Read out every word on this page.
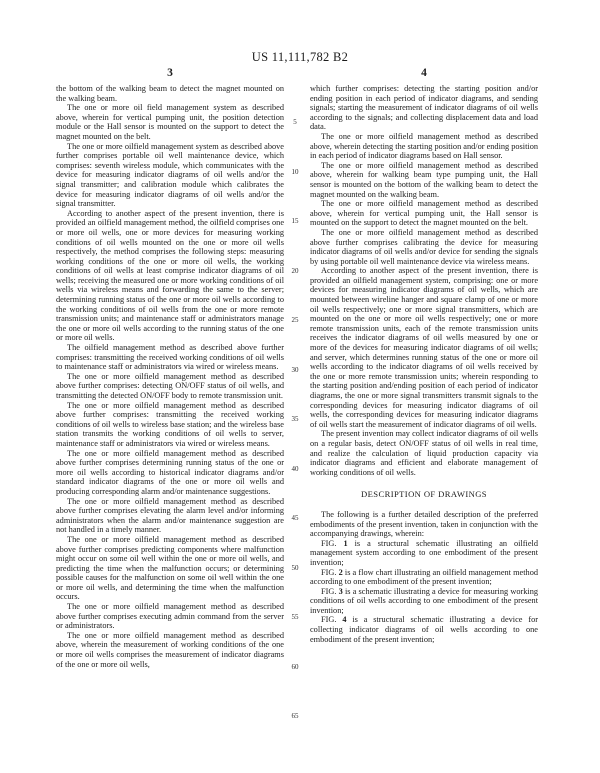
US 11,111,782 B2
3	4
5
10
15
20
25
30
35
40
45
50
55
60
65

the bottom of the walking beam to detect the magnet mounted on the walking beam.

The one or more oil field management system as described above, wherein for vertical pumping unit, the position detection module or the Hall sensor is mounted on the support to detect the magnet mounted on the belt.

The one or more oilfield management system as described above further comprises portable oil well maintenance device, which comprises: seventh wireless module, which communicates with the device for measuring indicator diagrams of oil wells and/or the signal transmitter; and calibration module which calibrates the device for measuring indicator diagrams of oil wells and/or the signal transmitter.

According to another aspect of the present invention, there is provided an oilfield management method, the oilfield comprises one or more oil wells, one or more devices for measuring working conditions of oil wells mounted on the one or more oil wells respectively, the method comprises the following steps: measuring working conditions of the one or more oil wells, the working conditions of oil wells at least comprise indicator diagrams of oil wells; receiving the measured one or more working conditions of oil wells via wireless means and forwarding the same to the server; determining running status of the one or more oil wells according to the working conditions of oil wells from the one or more remote transmission units; and maintenance staff or administrators manage the one or more oil wells according to the running status of the one or more oil wells.

The oilfield management method as described above further comprises: transmitting the received working conditions of oil wells to maintenance staff or administrators via wired or wireless means.

The one or more oilfield management method as described above further comprises: detecting ON/OFF status of oil wells, and transmitting the detected ON/OFF body to remote transmission unit.

The one or more oilfield management method as described above further comprises: transmitting the received working conditions of oil wells to wireless base station; and the wireless base station transmits the working conditions of oil wells to server, maintenance staff or administrators via wired or wireless means.

The one or more oilfield management method as described above further comprises determining running status of the one or more oil wells according to historical indicator diagrams and/or standard indicator diagrams of the one or more oil wells and producing corresponding alarm and/or maintenance suggestions.

The one or more oilfield management method as described above further comprises elevating the alarm level and/or informing administrators when the alarm and/or maintenance suggestion are not handled in a timely manner.

The one or more oilfield management method as described above further comprises predicting components where malfunction might occur on some oil well within the one or more oil wells, and predicting the time when the malfunction occurs; or determining possible causes for the malfunction on some oil well within the one or more oil wells, and determining the time when the malfunction occurs.

The one or more oilfield management method as described above further comprises executing admin command from the server or administrators.

The one or more oilfield management method as described above, wherein the measurement of working conditions of the one or more oil wells comprises the measurement of indicator diagrams of the one or more oil wells,

which further comprises: detecting the starting position and/or ending position in each period of indicator diagrams, and sending signals; starting the measurement of indicator diagrams of oil wells according to the signals; and collecting displacement data and load data.

The one or more oilfield management method as described above, wherein detecting the starting position and/or ending position in each period of indicator diagrams based on Hall sensor.

The one or more oilfield management method as described above, wherein for walking beam type pumping unit, the Hall sensor is mounted on the bottom of the walking beam to detect the magnet mounted on the walking beam.

The one or more oilfield management method as described above, wherein for vertical pumping unit, the Hall sensor is mounted on the support to detect the magnet mounted on the belt.

The one or more oilfield management method as described above further comprises calibrating the device for measuring indicator diagrams of oil wells and/or device for sending the signals by using portable oil well maintenance device via wireless means.

According to another aspect of the present invention, there is provided an oilfield management system, comprising: one or more devices for measuring indicator diagrams of oil wells, which are mounted between wireline hanger and square clamp of one or more oil wells respectively; one or more signal transmitters, which are mounted on the one or more oil wells respectively; one or more remote transmission units, each of the remote transmission units receives the indicator diagrams of oil wells measured by one or more of the devices for measuring indicator diagrams of oil wells; and server, which determines running status of the one or more oil wells according to the indicator diagrams of oil wells received by the one or more remote transmission units; wherein responding to the starting position and/ending position of each period of indicator diagrams, the one or more signal transmitters transmit signals to the corresponding devices for measuring indicator diagrams of oil wells, the corresponding devices for measuring indicator diagrams of oil wells start the measurement of indicator diagrams of oil wells.

The present invention may collect indicator diagrams of oil wells on a regular basis, detect ON/OFF status of oil wells in real time, and realize the calculation of liquid production capacity via indicator diagrams and efficient and elaborate management of working conditions of oil wells.

DESCRIPTION OF DRAWINGS

The following is a further detailed description of the preferred embodiments of the present invention, taken in conjunction with the accompanying drawings, wherein:

FIG. 1 is a structural schematic illustrating an oilfield management system according to one embodiment of the present invention;

FIG. 2 is a flow chart illustrating an oilfield management method according to one embodiment of the present invention;

FIG. 3 is a schematic illustrating a device for measuring working conditions of oil wells according to one embodiment of the present invention;

FIG. 4 is a structural schematic illustrating a device for collecting indicator diagrams of oil wells according to one embodiment of the present invention;
